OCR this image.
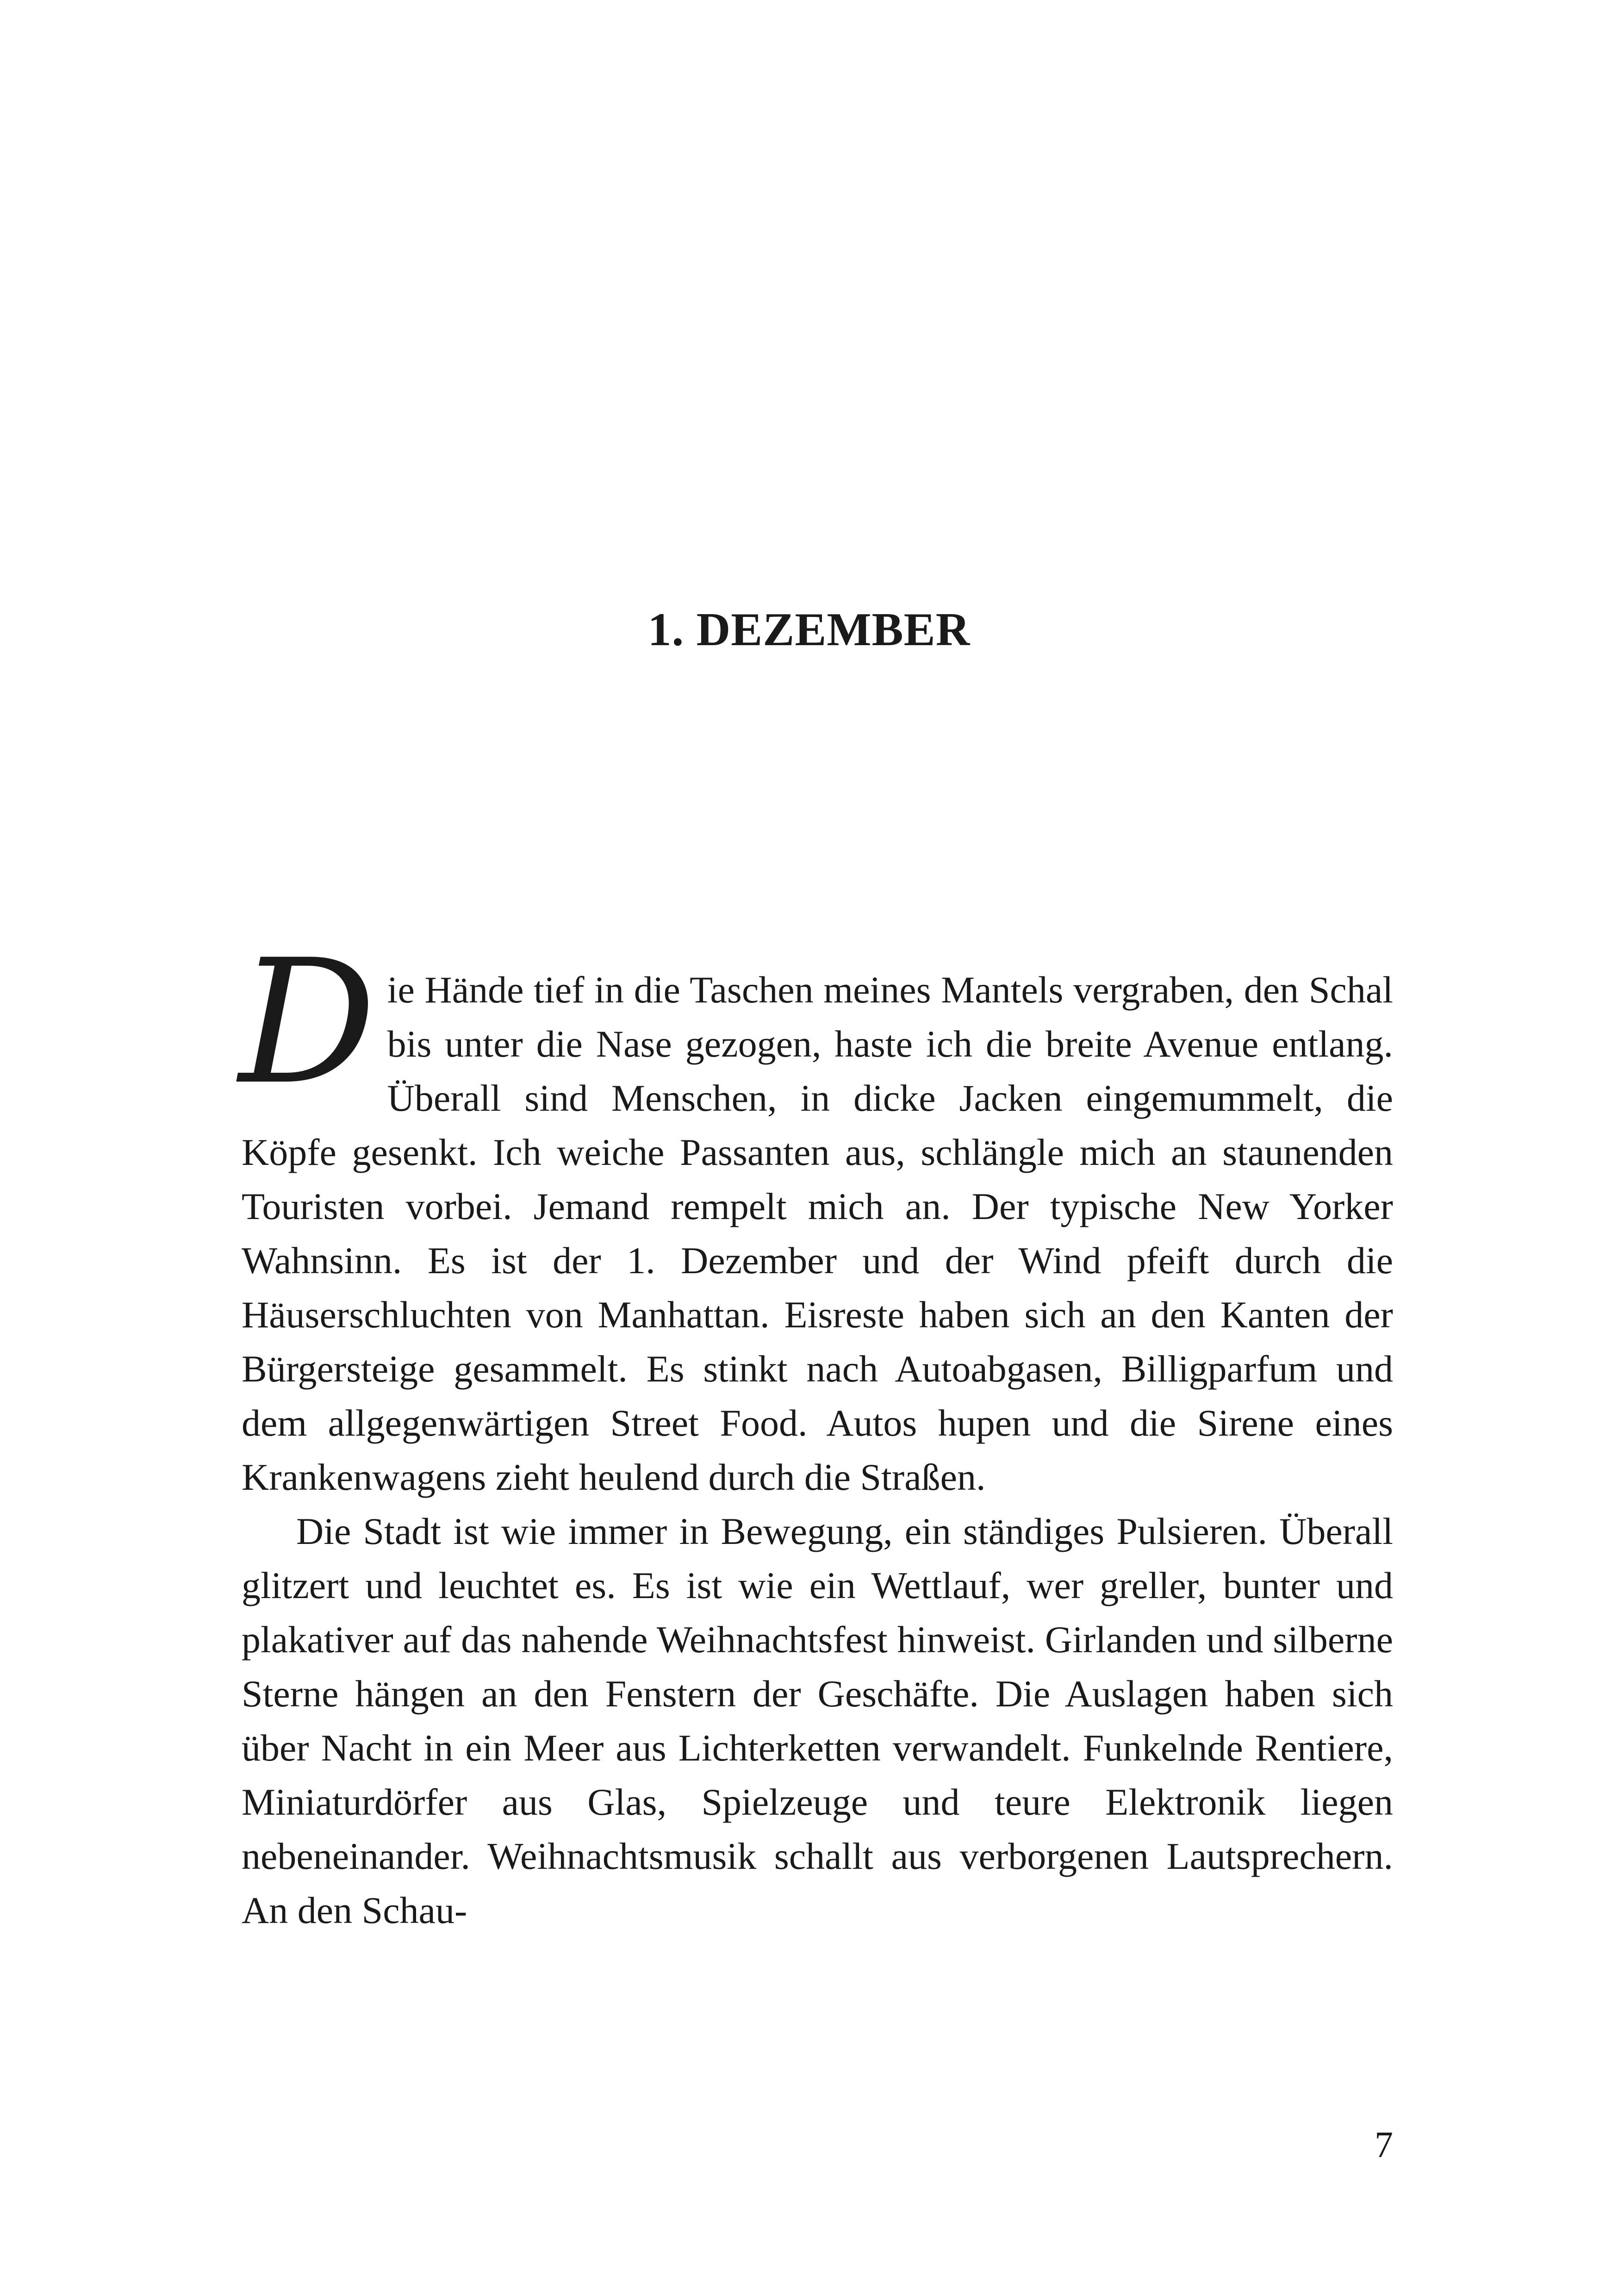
1. DEZEMBER

Die Hände tief in die Taschen meines Mantels vergraben, den Schal bis unter die Nase gezogen, haste ich die breite Avenue entlang. Überall sind Menschen, in dicke Jacken eingemummelt, die Köpfe gesenkt. Ich weiche Passanten aus, schlängle mich an staunenden Touristen vorbei. Jemand rempelt mich an. Der typische New Yorker Wahnsinn. Es ist der 1. Dezember und der Wind pfeift durch die Häuserschluchten von Manhattan. Eisreste haben sich an den Kanten der Bürgersteige gesammelt. Es stinkt nach Autoabgasen, Billigparfum und dem allgegenwärtigen Street Food. Autos hupen und die Sirene eines Krankenwagens zieht heulend durch die Straßen.

Die Stadt ist wie immer in Bewegung, ein ständiges Pulsieren. Überall glitzert und leuchtet es. Es ist wie ein Wettlauf, wer greller, bunter und plakativer auf das nahende Weihnachtsfest hinweist. Girlanden und silberne Sterne hängen an den Fenstern der Geschäfte. Die Auslagen haben sich über Nacht in ein Meer aus Lichterketten verwandelt. Funkelnde Rentiere, Miniaturdörfer aus Glas, Spielzeuge und teure Elektronik liegen nebeneinander. Weihnachtsmusik schallt aus verborgenen Lautsprechern. An den Schau-

7
